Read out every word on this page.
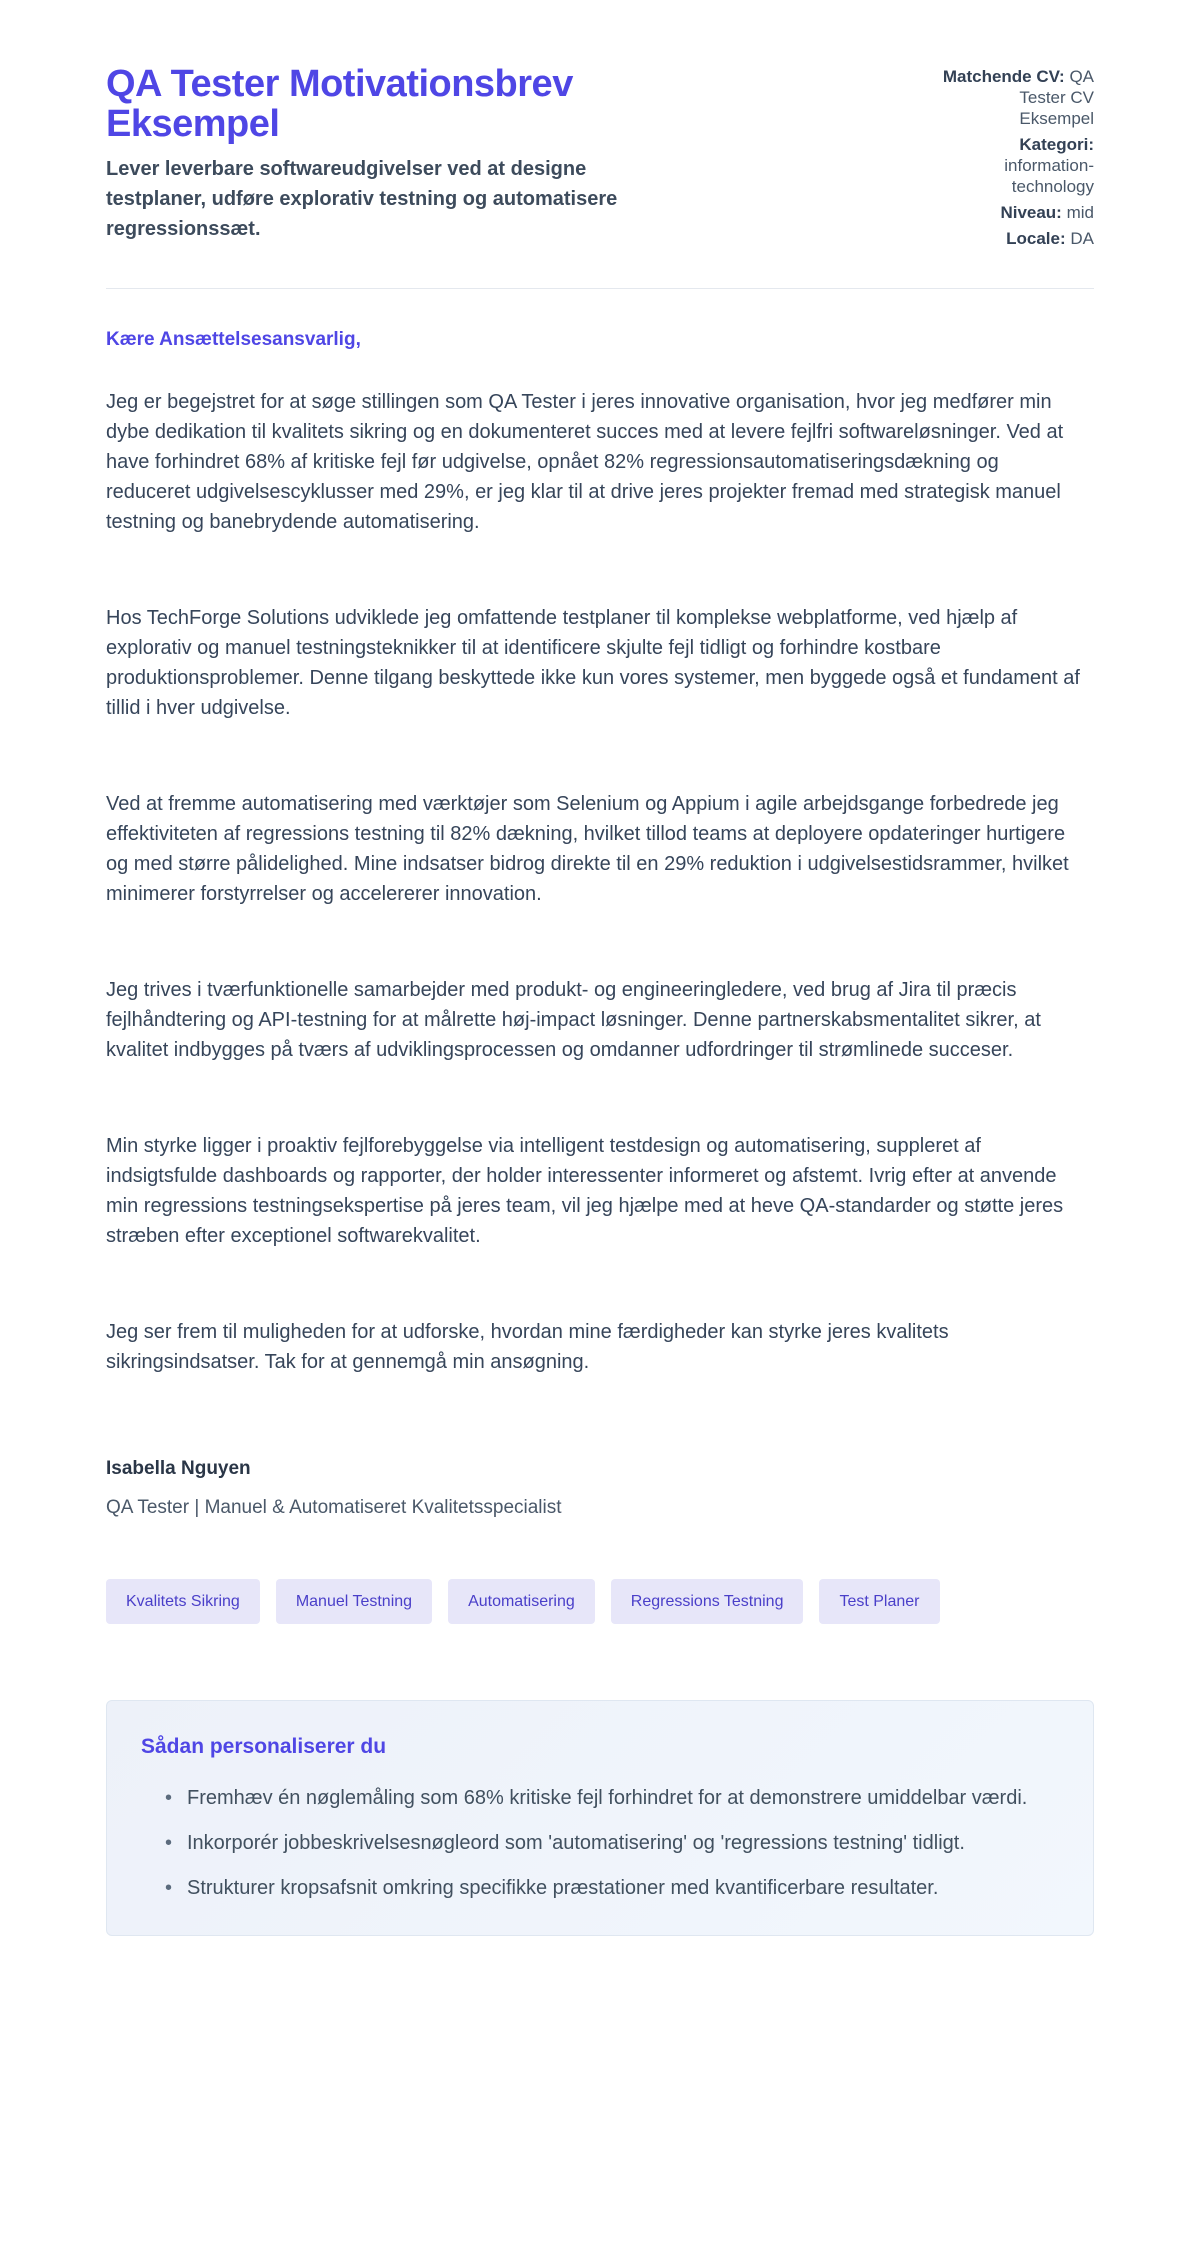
QA Tester Motivationsbrev Eksempel

Lever leverbare softwareudgivelser ved at designe testplaner, udføre explorativ testning og automatisere regressionssæt.

Matchende CV: QA Tester CV Eksempel
Kategori: information-technology
Niveau: mid
Locale: DA

Kære Ansættelsesansvarlig,

Jeg er begejstret for at søge stillingen som QA Tester i jeres innovative organisation, hvor jeg medfører min dybe dedikation til kvalitets sikring og en dokumenteret succes med at levere fejlfri softwareløsninger. Ved at have forhindret 68% af kritiske fejl før udgivelse, opnået 82% regressionsautomatiseringsdækning og reduceret udgivelsescyklusser med 29%, er jeg klar til at drive jeres projekter fremad med strategisk manuel testning og banebrydende automatisering.

Hos TechForge Solutions udviklede jeg omfattende testplaner til komplekse webplatforme, ved hjælp af explorativ og manuel testningsteknikker til at identificere skjulte fejl tidligt og forhindre kostbare produktionsproblemer. Denne tilgang beskyttede ikke kun vores systemer, men byggede også et fundament af tillid i hver udgivelse.

Ved at fremme automatisering med værktøjer som Selenium og Appium i agile arbejdsgange forbedrede jeg effektiviteten af regressions testning til 82% dækning, hvilket tillod teams at deployere opdateringer hurtigere og med større pålidelighed. Mine indsatser bidrog direkte til en 29% reduktion i udgivelsestidsrammer, hvilket minimerer forstyrrelser og accelererer innovation.

Jeg trives i tværfunktionelle samarbejder med produkt- og engineeringledere, ved brug af Jira til præcis fejlhåndtering og API-testning for at målrette høj-impact løsninger. Denne partnerskabsmentalitet sikrer, at kvalitet indbygges på tværs af udviklingsprocessen og omdanner udfordringer til strømlinede succeser.

Min styrke ligger i proaktiv fejlforebyggelse via intelligent testdesign og automatisering, suppleret af indsigtsfulde dashboards og rapporter, der holder interessenter informeret og afstemt. Ivrig efter at anvende min regressions testningsekspertise på jeres team, vil jeg hjælpe med at heve QA-standarder og støtte jeres stræben efter exceptionel softwarekvalitet.

Jeg ser frem til muligheden for at udforske, hvordan mine færdigheder kan styrke jeres kvalitets sikringsindsatser. Tak for at gennemgå min ansøgning.

Isabella Nguyen

QA Tester | Manuel & Automatiseret Kvalitetsspecialist

Kvalitets Sikring	Manuel Testning	Automatisering	Regressions Testning	Test Planer
Sådan personaliserer du
• Fremhæv én nøglemåling som 68% kritiske fejl forhindret for at demonstrere umiddelbar værdi.
• Inkorporér jobbeskrivelsesnøgleord som 'automatisering' og 'regressions testning' tidligt.
• Strukturer kropsafsnit omkring specifikke præstationer med kvantificerbare resultater.
